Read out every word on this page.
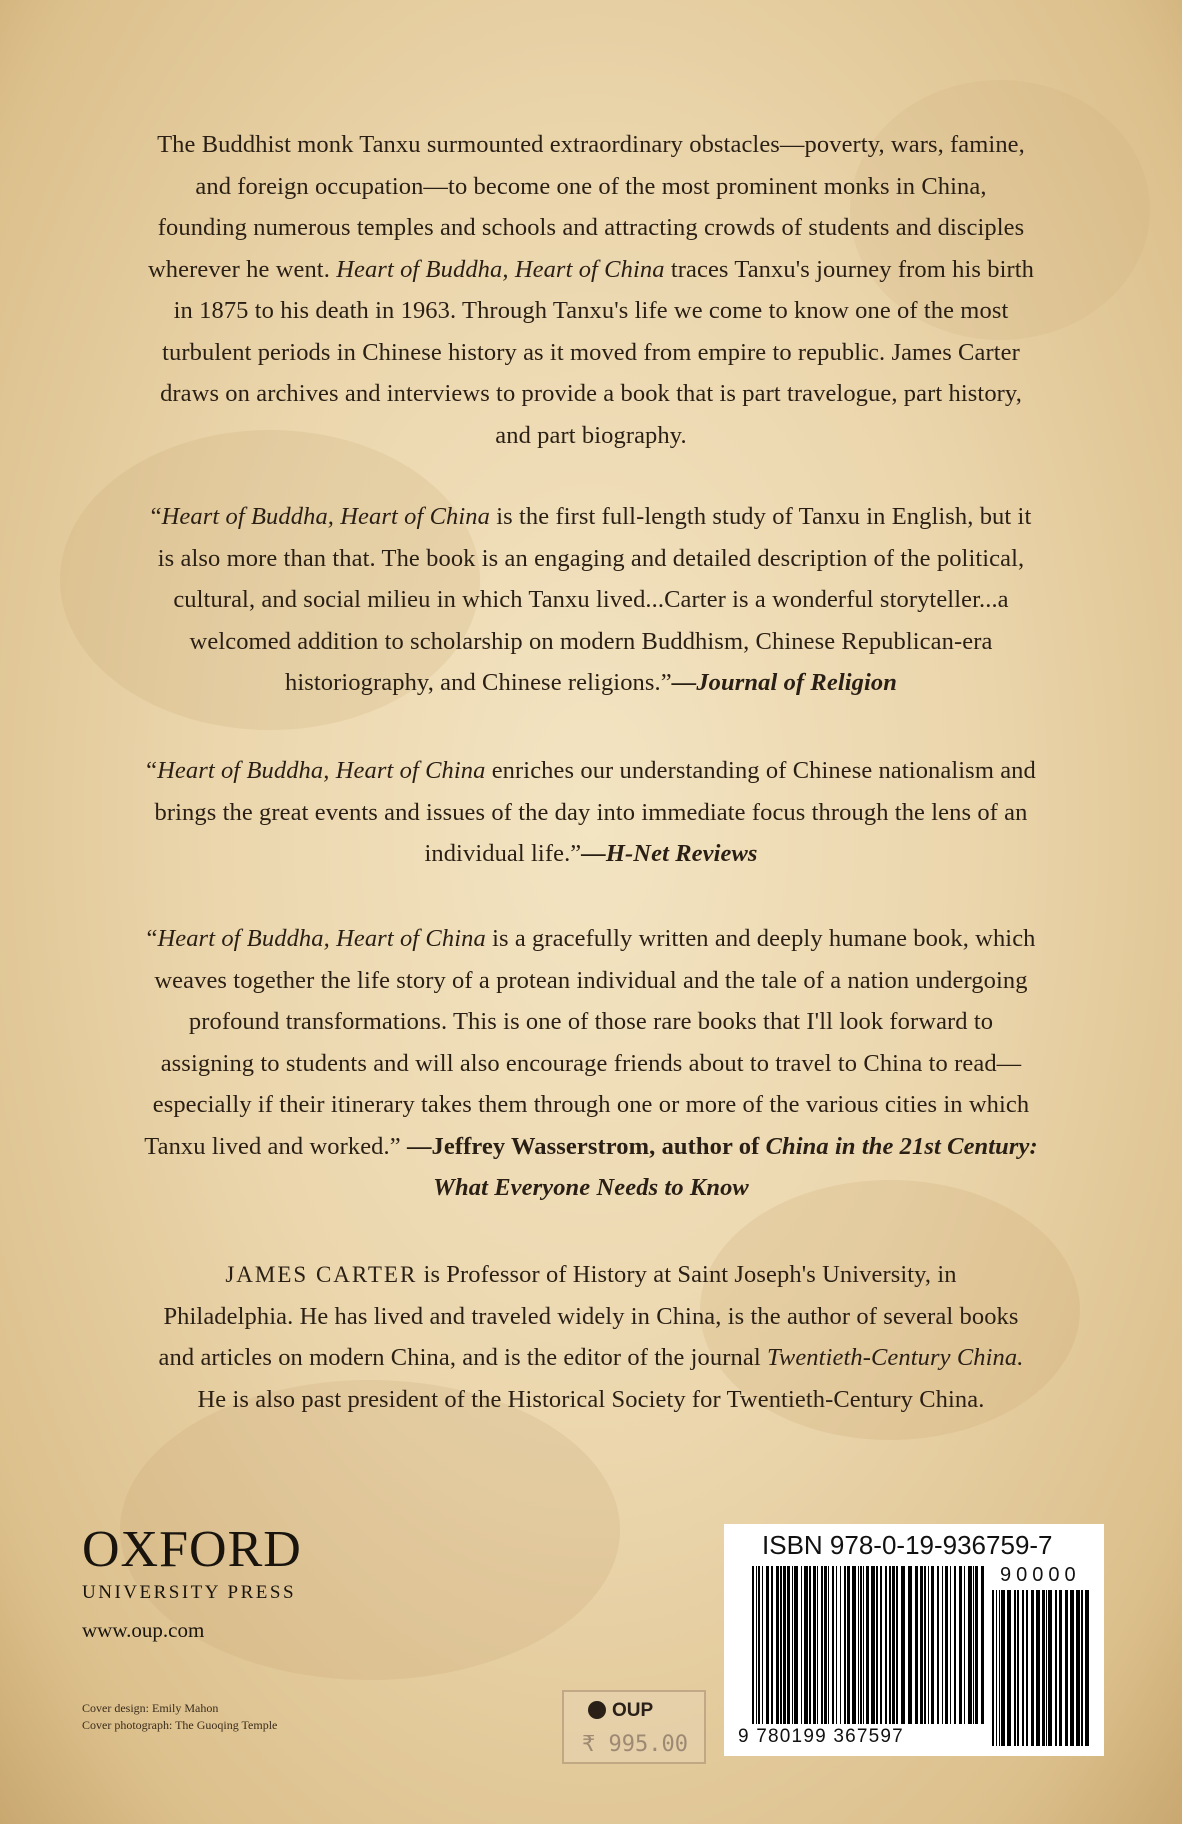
The Buddhist monk Tanxu surmounted extraordinary obstacles—poverty, wars, famine,
and foreign occupation—to become one of the most prominent monks in China,
founding numerous temples and schools and attracting crowds of students and disciples
wherever he went. Heart of Buddha, Heart of China traces Tanxu's journey from his birth
in 1875 to his death in 1963. Through Tanxu's life we come to know one of the most
turbulent periods in Chinese history as it moved from empire to republic. James Carter
draws on archives and interviews to provide a book that is part travelogue, part history,
and part biography.
“Heart of Buddha, Heart of China is the first full-length study of Tanxu in English, but it
is also more than that. The book is an engaging and detailed description of the political,
cultural, and social milieu in which Tanxu lived...Carter is a wonderful storyteller...a
welcomed addition to scholarship on modern Buddhism, Chinese Republican-era
historiography, and Chinese religions.”—Journal of Religion
“Heart of Buddha, Heart of China enriches our understanding of Chinese nationalism and
brings the great events and issues of the day into immediate focus through the lens of an
individual life.”—H-Net Reviews
“Heart of Buddha, Heart of China is a gracefully written and deeply humane book, which
weaves together the life story of a protean individual and the tale of a nation undergoing
profound transformations. This is one of those rare books that I'll look forward to
assigning to students and will also encourage friends about to travel to China to read—
especially if their itinerary takes them through one or more of the various cities in which
Tanxu lived and worked.” —Jeffrey Wasserstrom, author of China in the 21st Century:
What Everyone Needs to Know
JAMES CARTER is Professor of History at Saint Joseph's University, in
Philadelphia. He has lived and traveled widely in China, is the author of several books
and articles on modern China, and is the editor of the journal Twentieth-Century China.
He is also past president of the Historical Society for Twentieth-Century China.
OXFORD
UNIVERSITY PRESS
www.oup.com
Cover design: Emily Mahon
Cover photograph: The Guoqing Temple
OUP
₹ 995.00
ISBN 978-0-19-936759-7
90000
9 780199 367597
